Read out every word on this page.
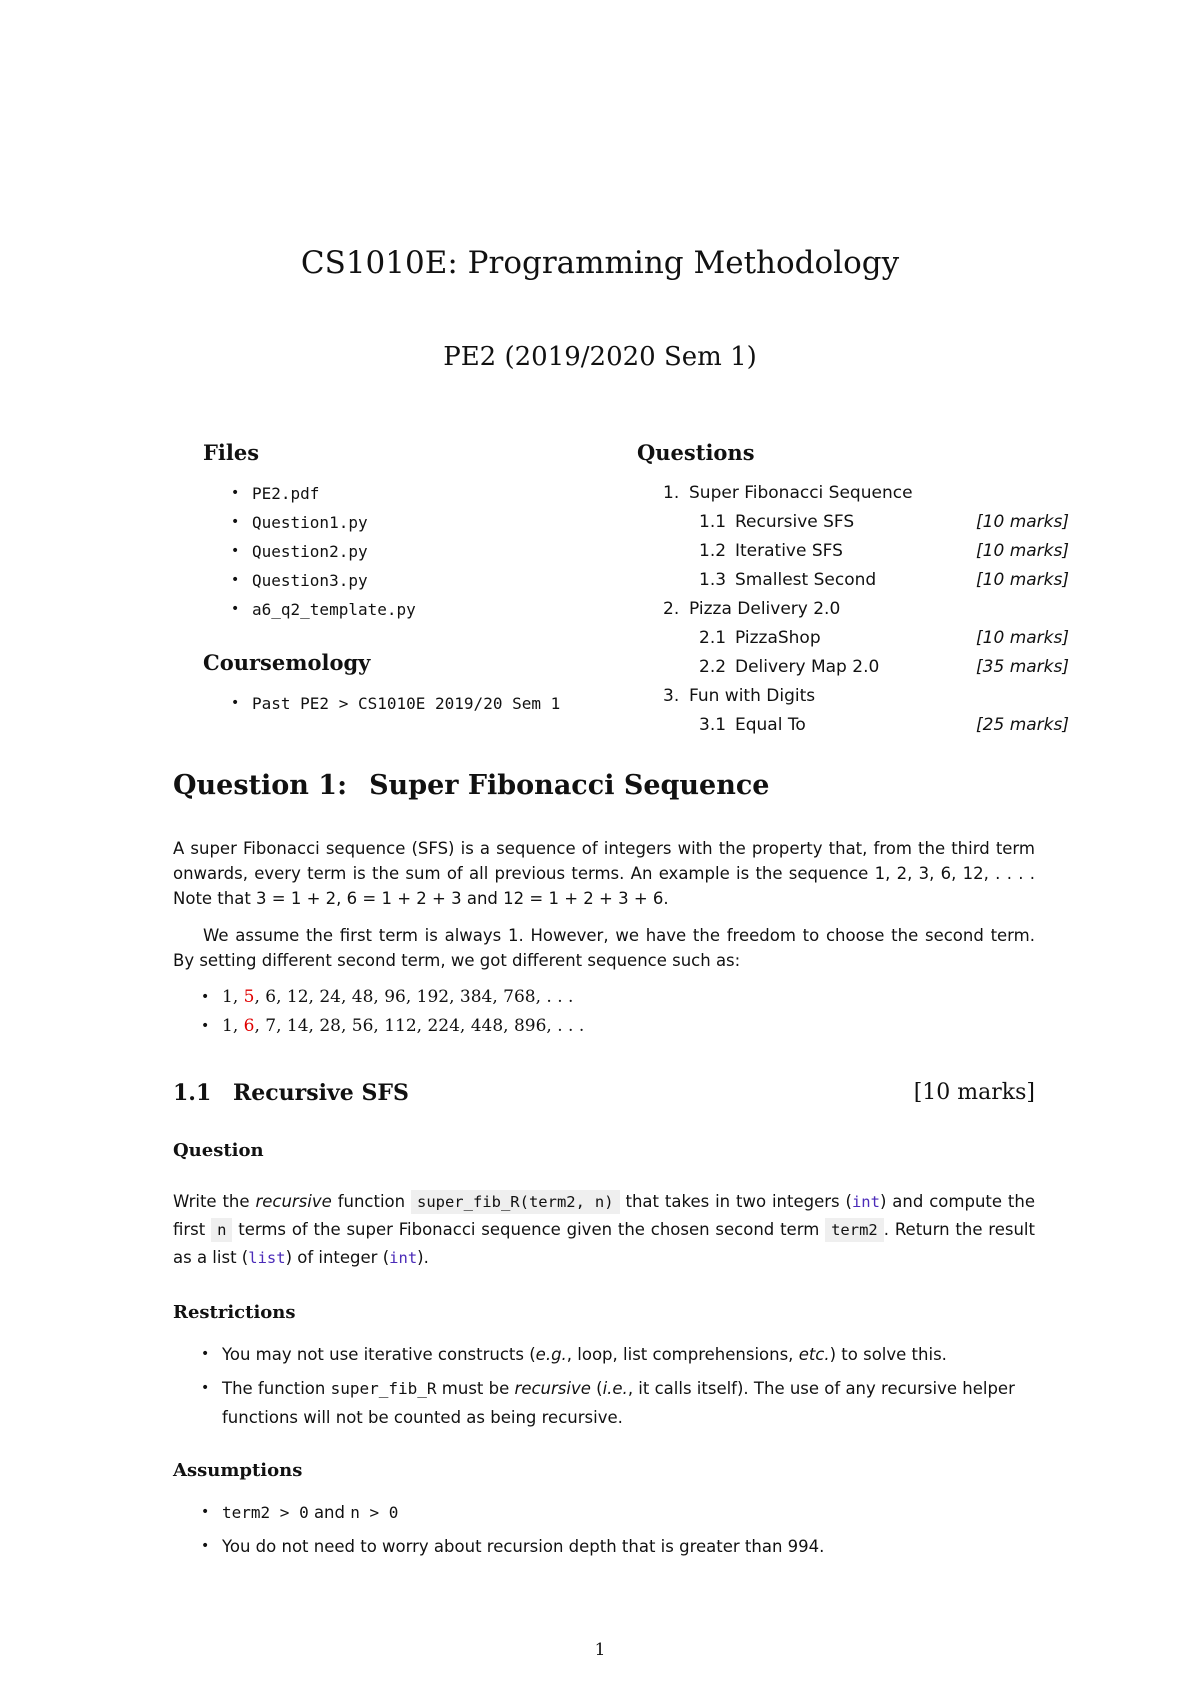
CS1010E: Programming Methodology
PE2 (2019/2020 Sem 1)
Files
• PE2.pdf
• Question1.py
• Question2.py
• Question3.py
• a6_q2_template.py
Coursemology
• Past PE2 > CS1010E 2019/20 Sem 1
Questions
1. Super Fibonacci Sequence
1.1 Recursive SFS	[10 marks]
1.2 Iterative SFS	[10 marks]
1.3 Smallest Second	[10 marks]
2. Pizza Delivery 2.0
2.1 PizzaShop	[10 marks]
2.2 Delivery Map 2.0	[35 marks]
3. Fun with Digits
3.1 Equal To	[25 marks]
Question 1: Super Fibonacci Sequence
A super Fibonacci sequence (SFS) is a sequence of integers with the property that, from the third term onwards, every term is the sum of all previous terms. An example is the sequence 1, 2, 3, 6, 12, . . . . Note that 3 = 1 + 2, 6 = 1 + 2 + 3 and 12 = 1 + 2 + 3 + 6.
We assume the first term is always 1. However, we have the freedom to choose the second term. By setting different second term, we got different sequence such as:
• 1, 5, 6, 12, 24, 48, 96, 192, 384, 768, . . .
• 1, 6, 7, 14, 28, 56, 112, 224, 448, 896, . . .
1.1 Recursive SFS	[10 marks]
Question
Write the recursive function super_fib_R(term2, n) that takes in two integers (int) and compute the first n terms of the super Fibonacci sequence given the chosen second term term2 . Return the result as a list (list) of integer (int).
Restrictions
• You may not use iterative constructs (e.g., loop, list comprehensions, etc.) to solve this.
• The function super_fib_R must be recursive (i.e., it calls itself). The use of any recursive helper functions will not be counted as being recursive.
Assumptions
• term2 > 0 and n > 0
• You do not need to worry about recursion depth that is greater than 994.
1
